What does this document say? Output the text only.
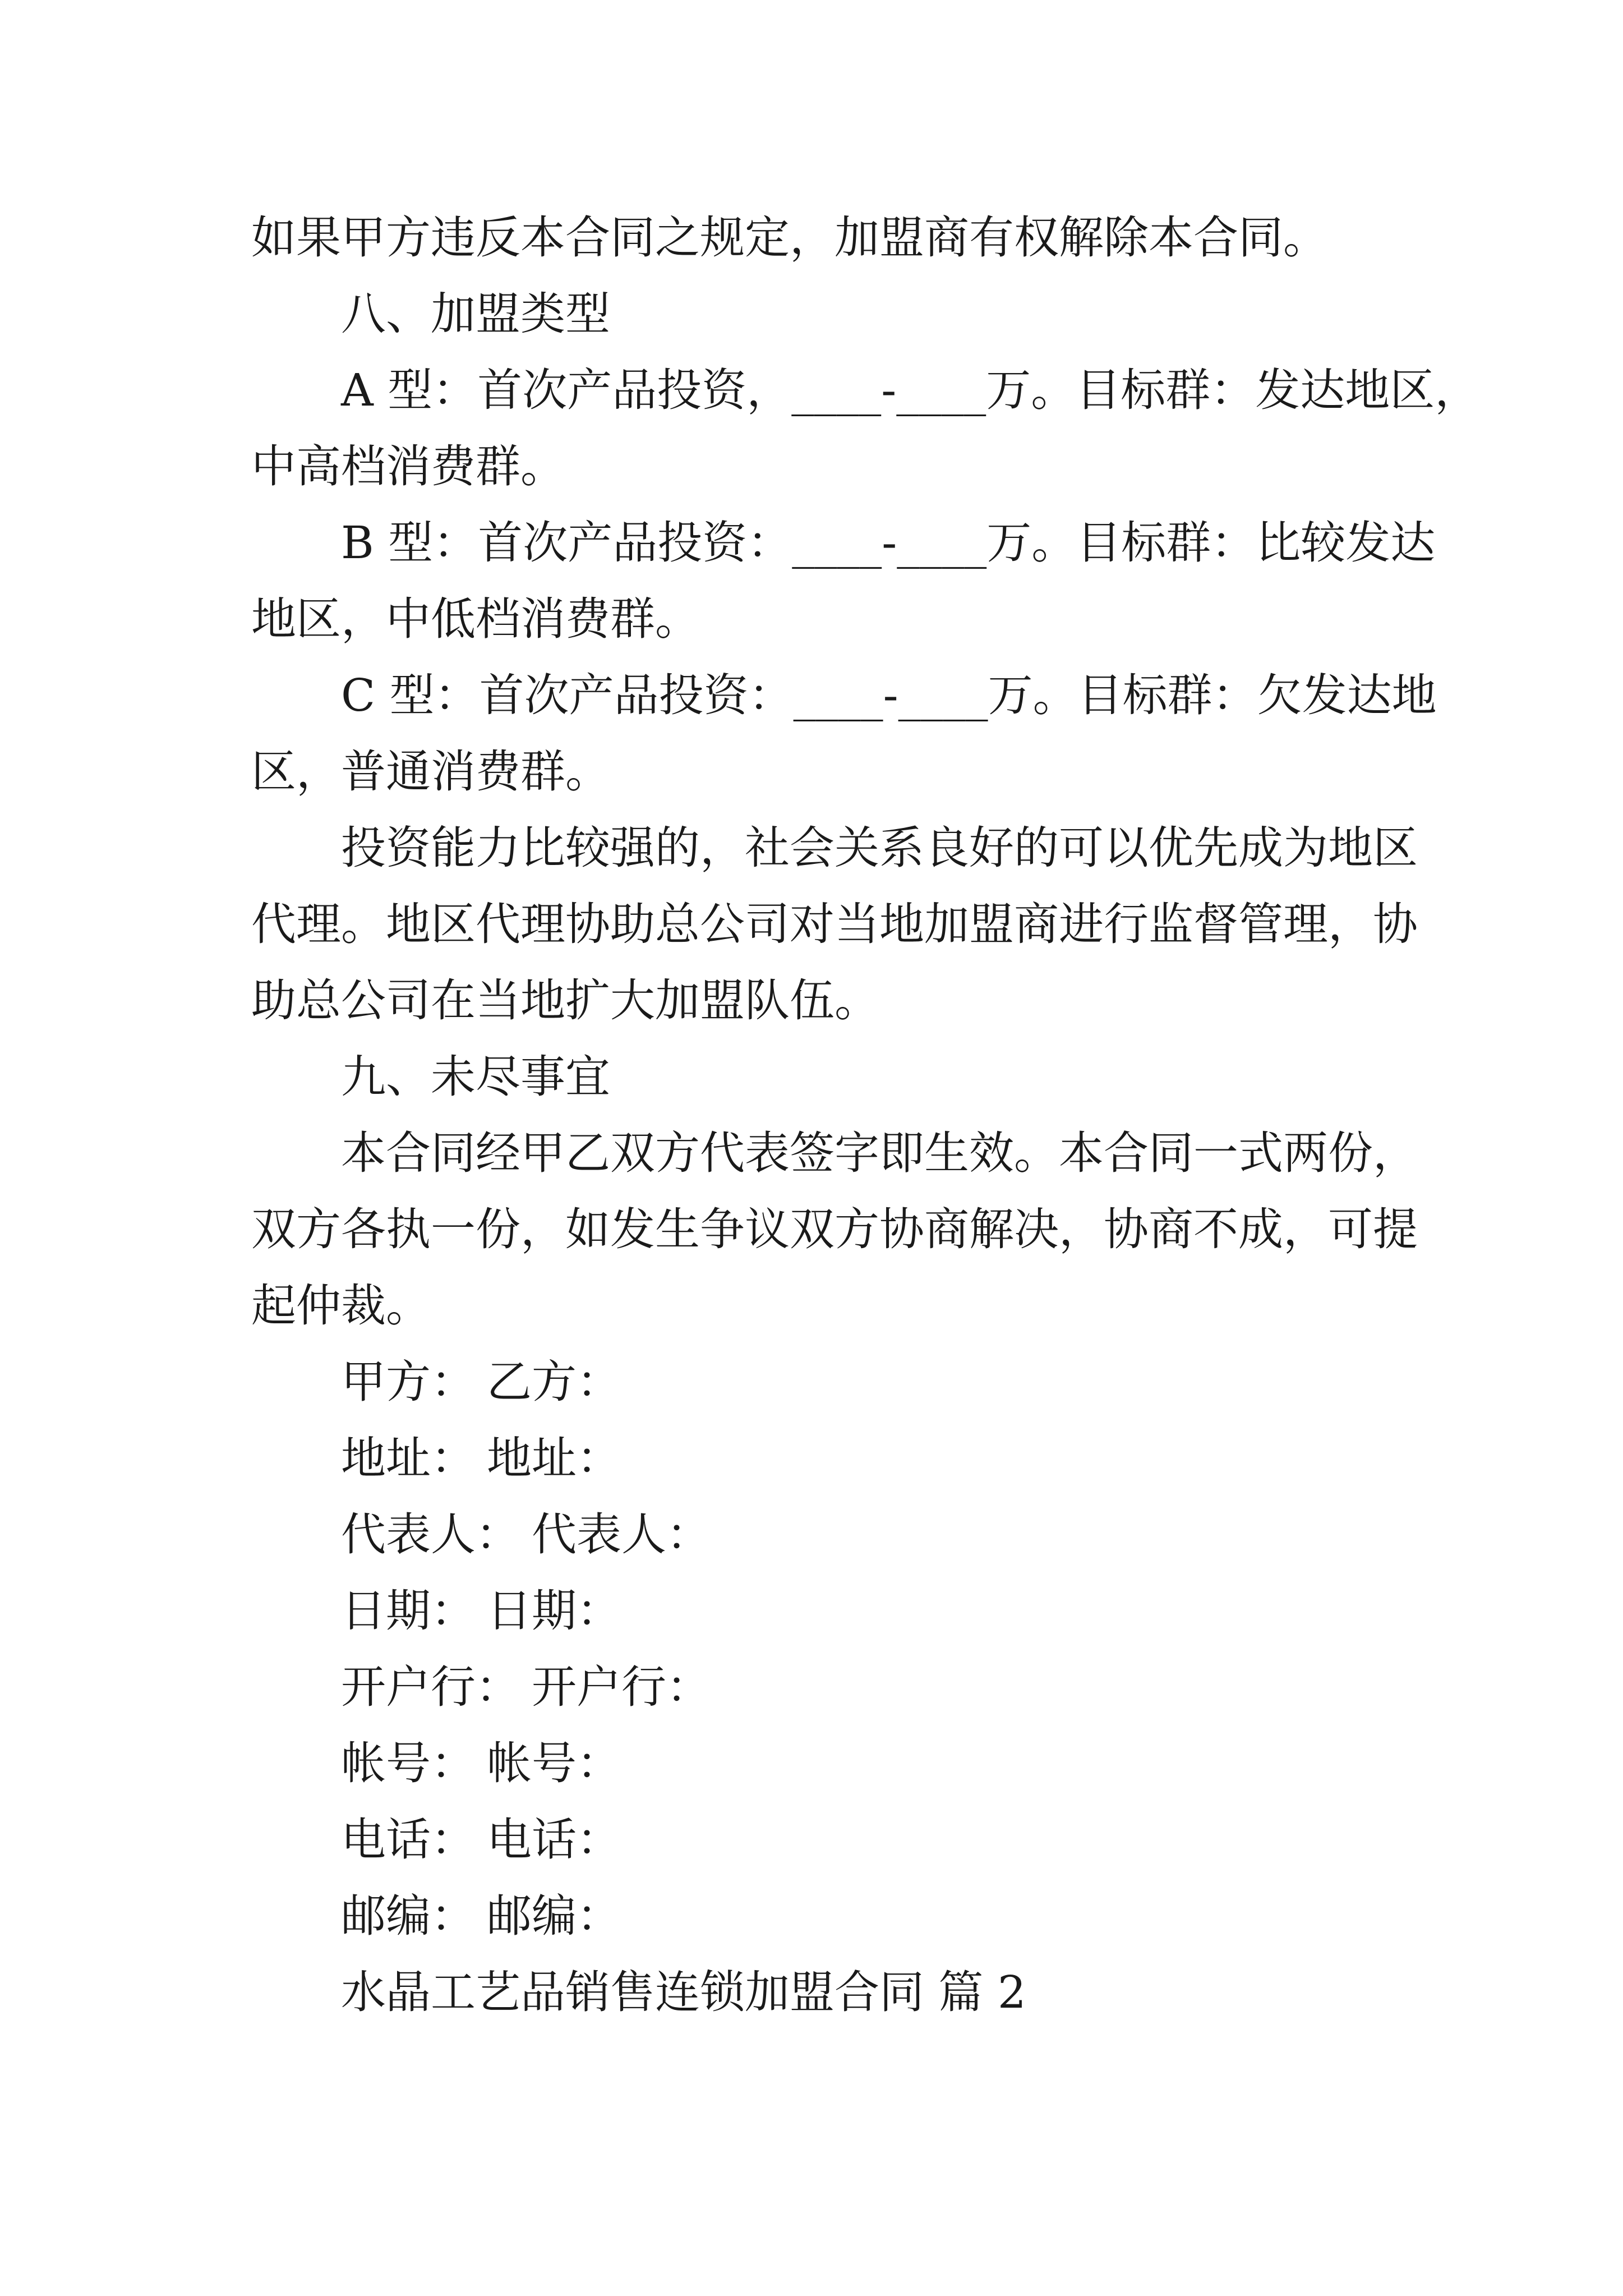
如果甲方违反本合同之规定，加盟商有权解除本合同。

八、加盟类型

A 型：首次产品投资，____-____万。目标群：发达地区，

中高档消费群。

B 型：首次产品投资：____-____万。目标群：比较发达

地区，中低档消费群。

C 型：首次产品投资：____-____万。目标群：欠发达地

区，普通消费群。

投资能力比较强的，社会关系良好的可以优先成为地区

代理。地区代理协助总公司对当地加盟商进行监督管理，协

助总公司在当地扩大加盟队伍。

九、未尽事宜

本合同经甲乙双方代表签字即生效。本合同一式两份，

双方各执一份，如发生争议双方协商解决，协商不成，可提

起仲裁。

甲方： 乙方：
地址： 地址：
代表人： 代表人：
日期： 日期：
开户行： 开户行：
帐号： 帐号：
电话： 电话：
邮编： 邮编：

水晶工艺品销售连锁加盟合同 篇 2
